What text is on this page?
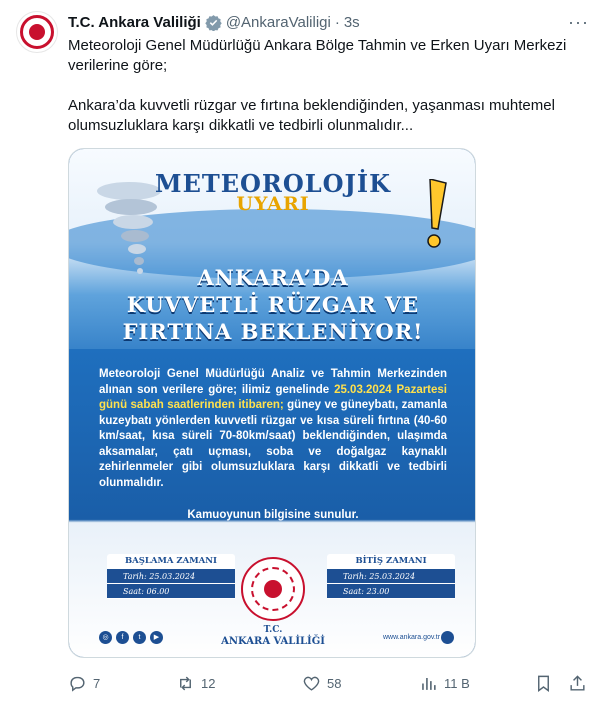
T.C. Ankara Valiliği @AnkaraValiligi · 3s	···

Meteoroloji Genel Müdürlüğü Ankara Bölge Tahmin ve Erken Uyarı Merkezi verilerine göre;

Ankara’da kuvvetli rüzgar ve fırtına beklendiğinden, yaşanması muhtemel olumsuzluklara karşı dikkatli ve tedbirli olunmalıdır...

METEOROLOJİK
UYARI
ANKARA’DA
KUVVETLİ RÜZGAR VE
FIRTINA BEKLENİYOR!
Meteoroloji Genel Müdürlüğü Analiz ve Tahmin Merkezinden alınan son verilere göre; ilimiz genelinde 25.03.2024 Pazartesi günü sabah saatlerinden itibaren; güney ve güneybatı, zamanla kuzeybatı yönlerden kuvvetli rüzgar ve kısa süreli fırtına (40-60 km/saat, kısa süreli 70-80km/saat) beklendiğinden, ulaşımda aksamalar, çatı uçması, soba ve doğalgaz kaynaklı zehirlenmeler gibi olumsuzluklara karşı dikkatli ve tedbirli olunmalıdır.
Kamuoyunun bilgisine sunulur.
BAŞLAMA ZAMANI
Tarih: 25.03.2024
Saat: 06.00
BİTİŞ ZAMANI
Tarih: 25.03.2024
Saat: 23.00
T.C.
ANKARA VALİLİĞİ
◎	f	t	▶	www.ankara.gov.tr
7	12	58	11 B
